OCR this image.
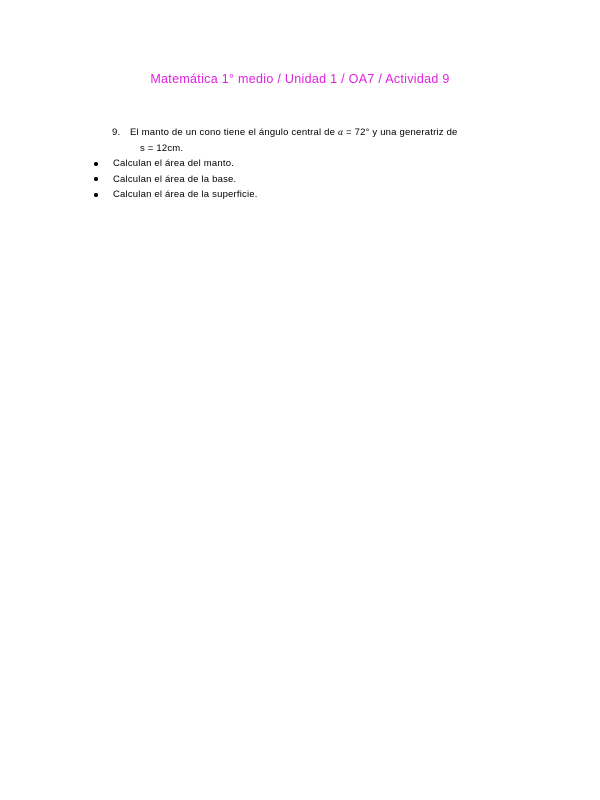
Matemática 1° medio / Unidad 1 / OA7 / Actividad 9
9. El manto de un cono tiene el ángulo central de α = 72° y una generatriz de
s = 12cm.
Calculan el área del manto.
Calculan el área de la base.
Calculan el área de la superficie.
